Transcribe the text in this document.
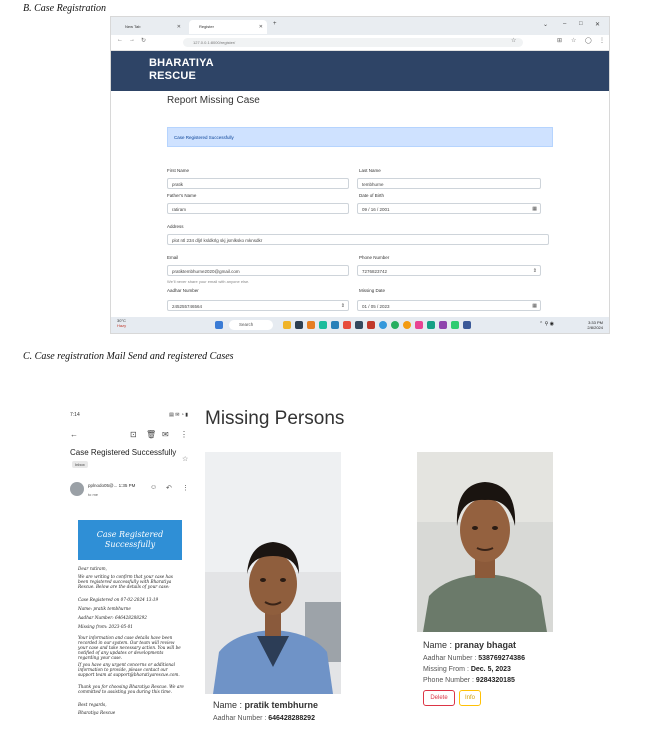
B. Case Registration
New Tab	✕	Register	✕ +	⌄ – □ ✕
← → ↻	127.0.0.1:8000/register/	☆	⊞ ☆ ◯ ⋮
BHARATIYA
RESCUE
Report Missing Case
Case Registered Successfully
First Name
pratik
Last Name
tembhurne
Father's Name
ratiram
Date of Birth
09 / 16 / 2001	▦
Address
plot ntl 234 dljrl ksldkrlg skj jsmlksko mknsdkr
Email
pratiktembhurne2020@gmail.com
We'll never share your email with anyone else.
Phone Number
7276823742	⇕
Aadhar Number
245255746564	⇕
Missing Date
01 / 05 / 2023	▦
30°C
Hazy	Search	⌃ ⚲ ◉	3:33 PM
2/8/2024
C. Case registration Mail Send and registered Cases
7:14	▤ ✉ ◔ ▮
←	⊡ 🗑 ✉ ⋮
Case Registered Successfully
☆
Inbox
pplnodo05@... 1:35 PM
to me
☺ ↶ ⋮
Case Registered Successfully
Dear ratiram,
We are writing to confirm that your case has been registered successfully with Bharatiya Rescue. Below are the details of your case:
Case Registered on 07-02-2024 13:19
Name: pratik tembhurne
Aadhar Number: 646428288292
Missing from: 2023-05-01
Your information and case details have been recorded in our system. Our team will review your case and take necessary action. You will be notified of any updates or developments regarding your case.
If you have any urgent concerns or additional information to provide, please contact our support team at support@bharatiyarescue.com.
Thank you for choosing Bharatiya Rescue. We are committed to assisting you during this time.
Best regards,
Bharatiya Rescue
Missing Persons
Name : pratik tembhurne
Aadhar Number : 646428288292
Name : pranay bhagat
Aadhar Number : 538769274386
Missing From : Dec. 5, 2023
Phone Number : 9284320185
Delete	Info
